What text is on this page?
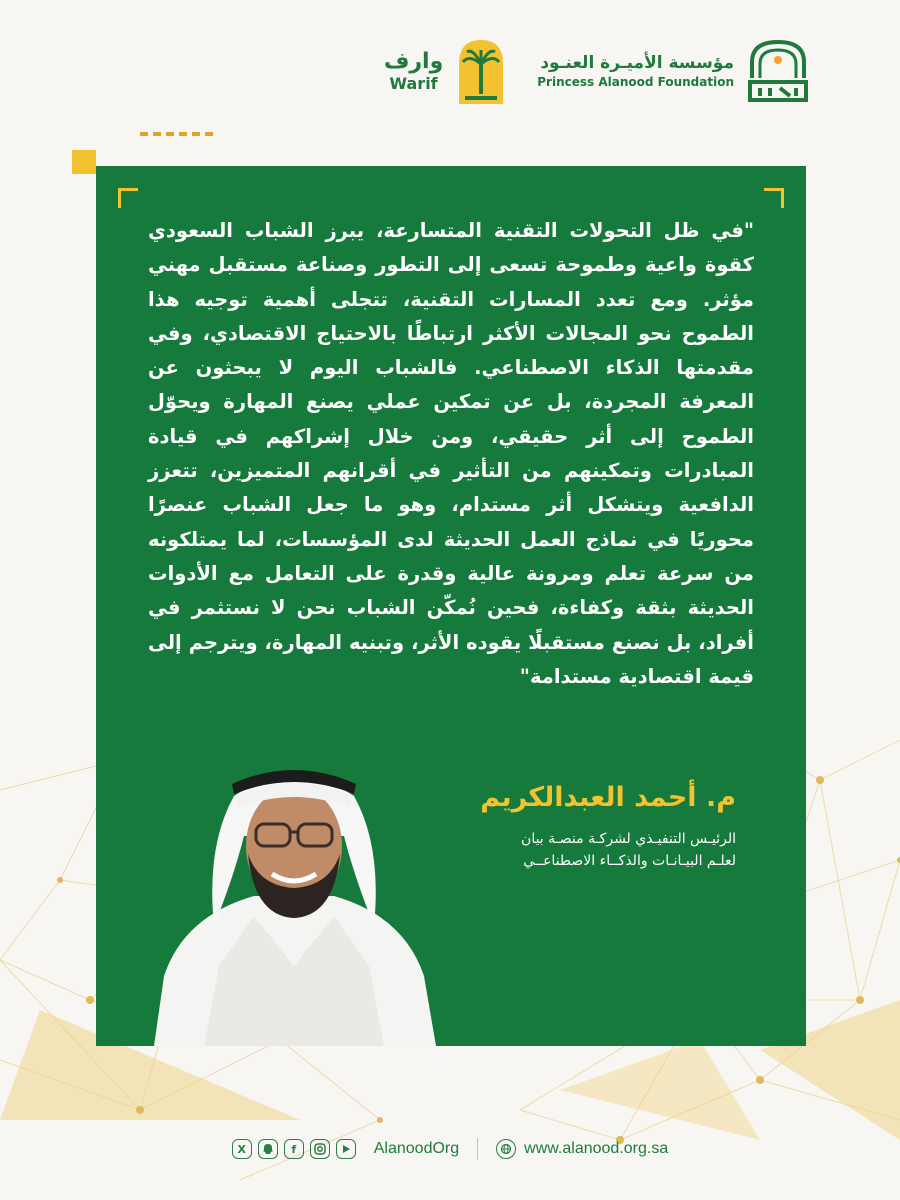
وارف
Warif
مؤسسة الأميـرة العنـود
Princess Alanood Foundation

"في ظل التحولات التقنية المتسارعة، يبرز الشباب السعودي كقوة واعية وطموحة تسعى إلى التطور وصناعة مستقبل مهني مؤثر. ومع تعدد المسارات التقنية، تتجلى أهمية توجيه هذا الطموح نحو المجالات الأكثر ارتباطًا بالاحتياج الاقتصادي، وفي مقدمتها الذكاء الاصطناعي. فالشباب اليوم لا يبحثون عن المعرفة المجردة، بل عن تمكين عملي يصنع المهارة ويحوّل الطموح إلى أثر حقيقي، ومن خلال إشراكهم في قيادة المبادرات وتمكينهم من التأثير في أقرانهم المتميزين، تتعزز الدافعية ويتشكل أثر مستدام، وهو ما جعل الشباب عنصرًا محوريًا في نماذج العمل الحديثة لدى المؤسسات، لما يمتلكونه من سرعة تعلم ومرونة عالية وقدرة على التعامل مع الأدوات الحديثة بثقة وكفاءة، فحين نُمكّن الشباب نحن لا نستثمر في أفراد، بل نصنع مستقبلًا يقوده الأثر، وتبنيه المهارة، ويترجم إلى قيمة اقتصادية مستدامة"

م. أحمد العبدالكريم
الرئيـس التنفيـذي لشركـة منصـة بيان
لعلـم البيـانـات والذكــاء الاصطناعــي
X	f	AlanoodOrg	www.alanood.org.sa
